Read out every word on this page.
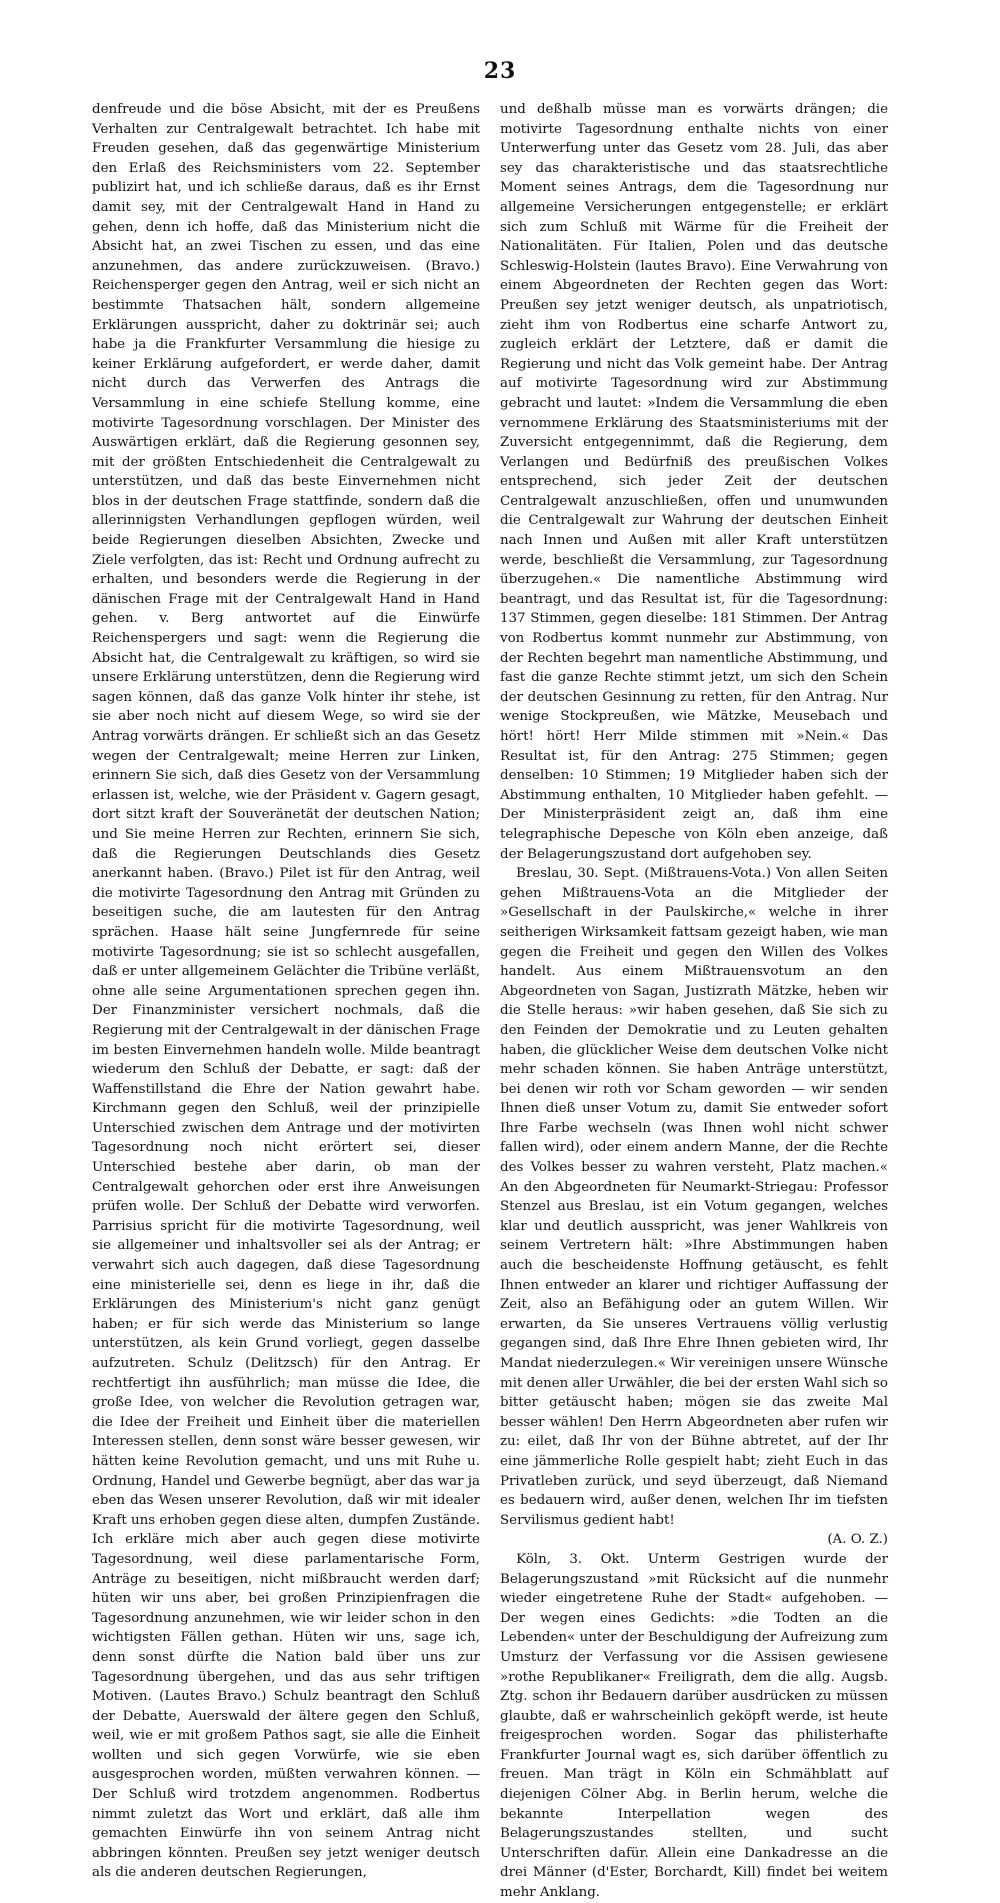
23

denfreude und die böse Absicht, mit der es Preußens Verhalten zur Centralgewalt betrachtet. Ich habe mit Freuden gesehen, daß das gegenwärtige Ministerium den Erlaß des Reichsministers vom 22. September publizirt hat, und ich schließe daraus, daß es ihr Ernst damit sey, mit der Centralgewalt Hand in Hand zu gehen, denn ich hoffe, daß das Ministerium nicht die Absicht hat, an zwei Tischen zu essen, und das eine anzunehmen, das andere zurückzuweisen. (Bravo.) Reichensperger gegen den Antrag, weil er sich nicht an bestimmte Thatsachen hält, sondern allgemeine Erklärungen ausspricht, daher zu doktrinär sei; auch habe ja die Frankfurter Versammlung die hiesige zu keiner Erklärung aufgefordert, er werde daher, damit nicht durch das Verwerfen des Antrags die Versammlung in eine schiefe Stellung komme, eine motivirte Tagesordnung vorschlagen. Der Minister des Auswärtigen erklärt, daß die Regierung gesonnen sey, mit der größten Entschiedenheit die Centralgewalt zu unterstützen, und daß das beste Einvernehmen nicht blos in der deutschen Frage stattfinde, sondern daß die allerinnigsten Verhandlungen gepflogen würden, weil beide Regierungen dieselben Absichten, Zwecke und Ziele verfolgten, das ist: Recht und Ordnung aufrecht zu erhalten, und besonders werde die Regierung in der dänischen Frage mit der Centralgewalt Hand in Hand gehen. v. Berg antwortet auf die Einwürfe Reichenspergers und sagt: wenn die Regierung die Absicht hat, die Centralgewalt zu kräftigen, so wird sie unsere Erklärung unterstützen, denn die Regierung wird sagen können, daß das ganze Volk hinter ihr stehe, ist sie aber noch nicht auf diesem Wege, so wird sie der Antrag vorwärts drängen. Er schließt sich an das Gesetz wegen der Centralgewalt; meine Herren zur Linken, erinnern Sie sich, daß dies Gesetz von der Versammlung erlassen ist, welche, wie der Präsident v. Gagern gesagt, dort sitzt kraft der Souveränetät der deutschen Nation; und Sie meine Herren zur Rechten, erinnern Sie sich, daß die Regierungen Deutschlands dies Gesetz anerkannt haben. (Bravo.) Pilet ist für den Antrag, weil die motivirte Tagesordnung den Antrag mit Gründen zu beseitigen suche, die am lautesten für den Antrag sprächen. Haase hält seine Jungfernrede für seine motivirte Tagesordnung; sie ist so schlecht ausgefallen, daß er unter allgemeinem Gelächter die Tribüne verläßt, ohne alle seine Argumentationen sprechen gegen ihn. Der Finanzminister versichert nochmals, daß die Regierung mit der Centralgewalt in der dänischen Frage im besten Einvernehmen handeln wolle. Milde beantragt wiederum den Schluß der Debatte, er sagt: daß der Waffenstillstand die Ehre der Nation gewahrt habe. Kirchmann gegen den Schluß, weil der prinzipielle Unterschied zwischen dem Antrage und der motivirten Tagesordnung noch nicht erörtert sei, dieser Unterschied bestehe aber darin, ob man der Centralgewalt gehorchen oder erst ihre Anweisungen prüfen wolle. Der Schluß der Debatte wird verworfen. Parrisius spricht für die motivirte Tagesordnung, weil sie allgemeiner und inhaltsvoller sei als der Antrag; er verwahrt sich auch dagegen, daß diese Tagesordnung eine ministerielle sei, denn es liege in ihr, daß die Erklärungen des Ministerium's nicht ganz genügt haben; er für sich werde das Ministerium so lange unterstützen, als kein Grund vorliegt, gegen dasselbe aufzutreten. Schulz (Delitzsch) für den Antrag. Er rechtfertigt ihn ausführlich; man müsse die Idee, die große Idee, von welcher die Revolution getragen war, die Idee der Freiheit und Einheit über die materiellen Interessen stellen, denn sonst wäre besser gewesen, wir hätten keine Revolution gemacht, und uns mit Ruhe u. Ordnung, Handel und Gewerbe begnügt, aber das war ja eben das Wesen unserer Revolution, daß wir mit idealer Kraft uns erhoben gegen diese alten, dumpfen Zustände. Ich erkläre mich aber auch gegen diese motivirte Tagesordnung, weil diese parlamentarische Form, Anträge zu beseitigen, nicht mißbraucht werden darf; hüten wir uns aber, bei großen Prinzipienfragen die Tagesordnung anzunehmen, wie wir leider schon in den wichtigsten Fällen gethan. Hüten wir uns, sage ich, denn sonst dürfte die Nation bald über uns zur Tagesordnung übergehen, und das aus sehr triftigen Motiven. (Lautes Bravo.) Schulz beantragt den Schluß der Debatte, Auerswald der ältere gegen den Schluß, weil, wie er mit großem Pathos sagt, sie alle die Einheit wollten und sich gegen Vorwürfe, wie sie eben ausgesprochen worden, müßten verwahren können. — Der Schluß wird trotzdem angenommen. Rodbertus nimmt zuletzt das Wort und erklärt, daß alle ihm gemachten Einwürfe ihn von seinem Antrag nicht abbringen könnten. Preußen sey jetzt weniger deutsch als die anderen deutschen Regierungen,

und deßhalb müsse man es vorwärts drängen; die motivirte Tagesordnung enthalte nichts von einer Unterwerfung unter das Gesetz vom 28. Juli, das aber sey das charakteristische und das staatsrechtliche Moment seines Antrags, dem die Tagesordnung nur allgemeine Versicherungen entgegenstelle; er erklärt sich zum Schluß mit Wärme für die Freiheit der Nationalitäten. Für Italien, Polen und das deutsche Schleswig-Holstein (lautes Bravo). Eine Verwahrung von einem Abgeordneten der Rechten gegen das Wort: Preußen sey jetzt weniger deutsch, als unpatriotisch, zieht ihm von Rodbertus eine scharfe Antwort zu, zugleich erklärt der Letztere, daß er damit die Regierung und nicht das Volk gemeint habe. Der Antrag auf motivirte Tagesordnung wird zur Abstimmung gebracht und lautet: »Indem die Versammlung die eben vernommene Erklärung des Staatsministeriums mit der Zuversicht entgegennimmt, daß die Regierung, dem Verlangen und Bedürfniß des preußischen Volkes entsprechend, sich jeder Zeit der deutschen Centralgewalt anzuschließen, offen und unumwunden die Centralgewalt zur Wahrung der deutschen Einheit nach Innen und Außen mit aller Kraft unterstützen werde, beschließt die Versammlung, zur Tagesordnung überzugehen.« Die namentliche Abstimmung wird beantragt, und das Resultat ist, für die Tagesordnung: 137 Stimmen, gegen dieselbe: 181 Stimmen. Der Antrag von Rodbertus kommt nunmehr zur Abstimmung, von der Rechten begehrt man namentliche Abstimmung, und fast die ganze Rechte stimmt jetzt, um sich den Schein der deutschen Gesinnung zu retten, für den Antrag. Nur wenige Stockpreußen, wie Mätzke, Meusebach und hört! hört! Herr Milde stimmen mit »Nein.« Das Resultat ist, für den Antrag: 275 Stimmen; gegen denselben: 10 Stimmen; 19 Mitglieder haben sich der Abstimmung enthalten, 10 Mitglieder haben gefehlt. — Der Ministerpräsident zeigt an, daß ihm eine telegraphische Depesche von Köln eben anzeige, daß der Belagerungszustand dort aufgehoben sey.

Breslau, 30. Sept. (Mißtrauens-Vota.) Von allen Seiten gehen Mißtrauens-Vota an die Mitglieder der »Gesellschaft in der Paulskirche,« welche in ihrer seitherigen Wirksamkeit fattsam gezeigt haben, wie man gegen die Freiheit und gegen den Willen des Volkes handelt. Aus einem Mißtrauensvotum an den Abgeordneten von Sagan, Justizrath Mätzke, heben wir die Stelle heraus: »wir haben gesehen, daß Sie sich zu den Feinden der Demokratie und zu Leuten gehalten haben, die glücklicher Weise dem deutschen Volke nicht mehr schaden können. Sie haben Anträge unterstützt, bei denen wir roth vor Scham geworden — wir senden Ihnen dieß unser Votum zu, damit Sie entweder sofort Ihre Farbe wechseln (was Ihnen wohl nicht schwer fallen wird), oder einem andern Manne, der die Rechte des Volkes besser zu wahren versteht, Platz machen.« An den Abgeordneten für Neumarkt-Striegau: Professor Stenzel aus Breslau, ist ein Votum gegangen, welches klar und deutlich ausspricht, was jener Wahlkreis von seinem Vertretern hält: »Ihre Abstimmungen haben auch die bescheidenste Hoffnung getäuscht, es fehlt Ihnen entweder an klarer und richtiger Auffassung der Zeit, also an Befähigung oder an gutem Willen. Wir erwarten, da Sie unseres Vertrauens völlig verlustig gegangen sind, daß Ihre Ehre Ihnen gebieten wird, Ihr Mandat niederzulegen.« Wir vereinigen unsere Wünsche mit denen aller Urwähler, die bei der ersten Wahl sich so bitter getäuscht haben; mögen sie das zweite Mal besser wählen! Den Herrn Abgeordneten aber rufen wir zu: eilet, daß Ihr von der Bühne abtretet, auf der Ihr eine jämmerliche Rolle gespielt habt; zieht Euch in das Privatleben zurück, und seyd überzeugt, daß Niemand es bedauern wird, außer denen, welchen Ihr im tiefsten Servilismus gedient habt!

(A. O. Z.)

Köln, 3. Okt. Unterm Gestrigen wurde der Belagerungszustand »mit Rücksicht auf die nunmehr wieder eingetretene Ruhe der Stadt« aufgehoben. — Der wegen eines Gedichts: »die Todten an die Lebenden« unter der Beschuldigung der Aufreizung zum Umsturz der Verfassung vor die Assisen gewiesene »rothe Republikaner« Freiligrath, dem die allg. Augsb. Ztg. schon ihr Bedauern darüber ausdrücken zu müssen glaubte, daß er wahrscheinlich geköpft werde, ist heute freigesprochen worden. Sogar das philisterhafte Frankfurter Journal wagt es, sich darüber öffentlich zu freuen. Man trägt in Köln ein Schmähblatt auf diejenigen Cölner Abg. in Berlin herum, welche die bekannte Interpellation wegen des Belagerungszustandes stellten, und sucht Unterschriften dafür. Allein eine Dankadresse an die drei Männer (d'Ester, Borchardt, Kill) findet bei weitem mehr Anklang.
